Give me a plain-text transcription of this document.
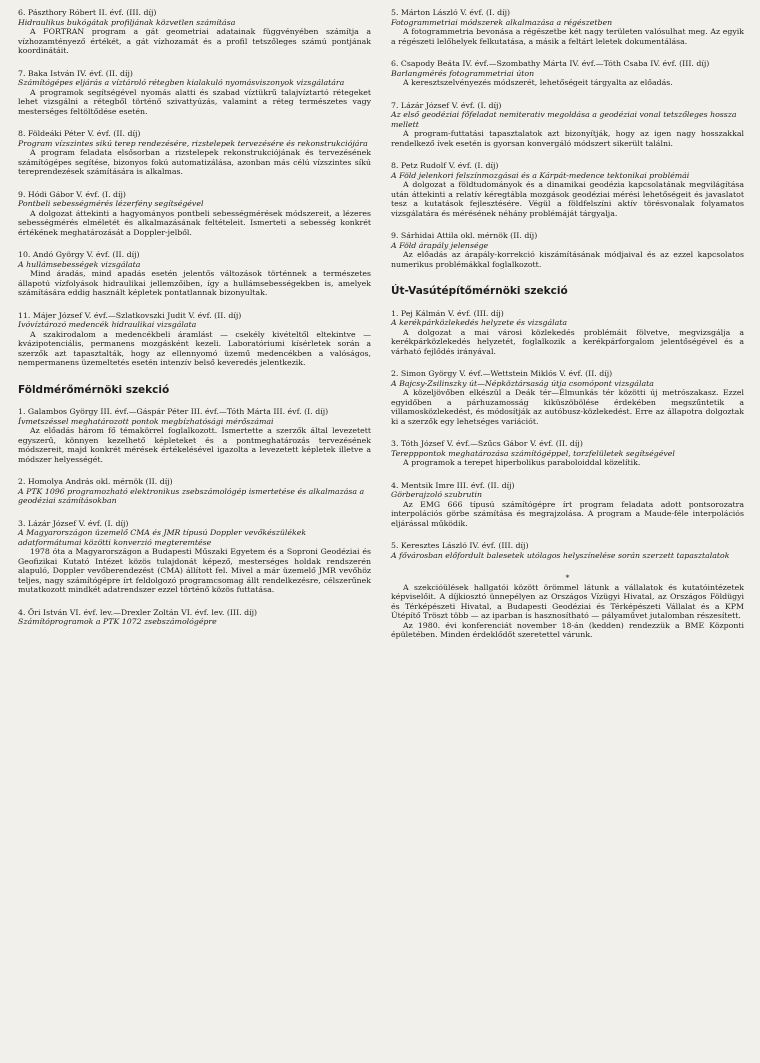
6. Pászthory Róbert II. évf. (III. díj)

Hidraulikus bukógátak profiljának közvetlen számítása

A FORTRAN program a gát geometriai adatainak függvényében számítja a vízhozamtényező értékét, a gát vízhozamát és a profil tetszőleges számú pontjának koordinátáit.

7. Baka István IV. évf. (II. díj)

Számítógépes eljárás a víztároló rétegben kialakuló nyomásviszonyok vizsgálatára

A programok segítségével nyomás alatti és szabad víztükrű talajvíztartó rétegeket lehet vizsgálni a rétegből történő szivattyúzás, valamint a réteg természetes vagy mesterséges feltöltődése esetén.

8. Földeáki Péter V. évf. (II. díj)

Program vízszintes sikú terep rendezésére, rizstelepek tervezésére és rekonstrukciójára

A program feladata elsősorban a rizstelepek rekonstrukciójának és tervezésének számítógépes segítése, bizonyos fokú automatizálása, azonban más célú vízszintes síkú tereprendezések számítására is alkalmas.

9. Hódi Gábor V. évf. (I. díj)

Pontbeli sebességmérés lézerfény segítségével

A dolgozat áttekinti a hagyományos pontbeli sebességmérések módszereit, a lézeres sebességmérés elméletét és alkalmazásának feltételeit. Ismerteti a sebesség konkrét értékének meghatározását a Doppler-jelből.

10. Andó György V. évf. (II. díj)

A hullámsebességek vizsgálata

Mind áradás, mind apadás esetén jelentős változások történnek a természetes állapotú vízfolyások hidraulikai jellemzőiben, így a hullámsebességekben is, amelyek számítására eddig használt képletek pontatlannak bizonyultak.

11. Májer József V. évf.—Szlatkovszki Judit V. évf. (II. díj)

Ivóvíztározó medencék hidraulikai vizsgálata

A szakirodalom a medencékbeli áramlást — csekély kivételtől eltekintve — kvázipotenciális, permanens mozgásként kezeli. Laboratóriumi kísérletek során a szerzők azt tapasztalták, hogy az ellennyomó üzemű medencékben a valóságos, nempermanens üzemeltetés esetén intenzív belső keveredés jelentkezik.

Földmérőmérnöki szekció

1. Galambos György III. évf.—Gáspár Péter III. évf.—Tóth Márta III. évf. (I. díj)

Ívmetszéssel meghatározott pontok megbízhatósági mérőszámai

Az előadás három fő témakörrel foglalkozott. Ismertette a szerzők által levezetett egyszerű, könnyen kezelhető képleteket és a pontmeghatározás tervezésének módszereit, majd konkrét mérések értékelésével igazolta a levezetett képletek illetve a módszer helyességét.

2. Homolya András okl. mérnök (II. díj)

A PTK 1096 programozható elektronikus zsebszámológép ismertetése és alkalmazása a geodéziai számításokban

3. Lázár József V. évf. (I. díj)

A Magyarországon üzemelő CMA és JMR típusú Doppler vevőkészülékek adatformátumai közötti konverzió megteremtése

1978 óta a Magyarországon a Budapesti Műszaki Egyetem és a Soproni Geodéziai és Geofizikai Kutató Intézet közös tulajdonát képező, mesterséges holdak rendszerén alapuló, Doppler vevőberendezést (CMA) állított fel. Mivel a már üzemelő JMR vevőhöz teljes, nagy számítógépre írt feldolgozó programcsomag állt rendelkezésre, célszerűnek mutatkozott mindkét adatrendszer ezzel történő közös futtatása.

4. Őri István VI. évf. lev.—Drexler Zoltán VI. évf. lev. (III. díj)

Számítóprogramok a PTK 1072 zsebszámológépre

5. Márton László V. évf. (I. díj)

Fotogrammetriai módszerek alkalmazása a régészetben

A fotogrammetria bevonása a régészetbe két nagy területen valósulhat meg. Az egyik a régészeti lelőhelyek felkutatása, a másik a feltárt leletek dokumentálása.

6. Csapody Beáta IV. évf.—Szombathy Márta IV. évf.—Tóth Csaba IV. évf. (III. díj)

Barlangmérés fotogrammetriai úton

A keresztszelvényezés módszerét, lehetőségeit tárgyalta az előadás.

7. Lázár József V. évf. (I. díj)

Az első geodéziai főfeladat nemiterativ megoldása a geodéziai vonal tetszőleges hossza mellett

A program-futtatási tapasztalatok azt bizonyítják, hogy az igen nagy hosszakkal rendelkező ívek esetén is gyorsan konvergáló módszert sikerült találni.

8. Petz Rudolf V. évf. (I. díj)

A Föld jelenkori felszínmozgásai és a Kárpát-medence tektonikai problémái

A dolgozat a földtudományok és a dinamikai geodézia kapcsolatának megvilágítása után áttekinti a relatív kéregtábla mozgások geodéziai mérési lehetőségeit és javaslatot tesz a kutatások fejlesztésére. Végül a földfelszíni aktív törésvonalak folyamatos vizsgálatára és mérésének néhány problémáját tárgyalja.

9. Sárhidai Attila okl. mérnök (II. díj)

A Föld árapály jelensége

Az előadás az árapály-korrekció kiszámításának módjaival és az ezzel kapcsolatos numerikus problémákkal foglalkozott.

Út-Vasútépítőmérnöki szekció

1. Pej Kálmán V. évf. (III. díj)

A kerékpárközlekedés helyzete és vizsgálata

A dolgozat a mai városi közlekedés problémáit fölvetve, megvizsgálja a kerékpárközlekedés helyzetét, foglalkozik a kerékpárforgalom jelentőségével és a várható fejlődés irányával.

2. Simon György V. évf.—Wettstein Miklós V. évf. (II. díj)

A Bajcsy-Zsilinszky út—Népköztársaság útja csomópont vizsgálata

A közeljövőben elkészül a Deák tér—Élmunkás tér közötti új metrószakasz. Ezzel egyidőben a párhuzamosság kiküszöbölése érdekében megszűntetik a villamosközlekedést, és módosítják az autóbusz-közlekedést. Erre az állapotra dolgoztak ki a szerzők egy lehetséges variációt.

3. Tóth József V. évf.—Szűcs Gábor V. évf. (II. díj)

Terepppontok meghatározása számítógéppel, torzfelületek segítségével

A programok a terepet hiperbolikus paraboloiddal közelítik.

4. Mentsik Imre III. évf. (II. díj)

Görberajzoló szubrutin

Az EMG 666 típusú számítógépre írt program feladata adott pontsorozatra interpolációs görbe számítása és megrajzolása. A program a Maude-féle interpolációs eljárással működik.

5. Keresztes László IV. évf. (III. díj)

A fővárosban előfordult balesetek utólagos helyszínelése során szerzett tapasztalatok

*

A szekcióülések hallgatói között örömmel látunk a vállalatok és kutatóintézetek képviselőit. A díjkiosztó ünnepélyen az Országos Vízügyi Hivatal, az Országos Földügyi és Térképészeti Hivatal, a Budapesti Geodéziai és Térképészeti Vállalat és a KPM Útépítő Tröszt több — az iparban is hasznosítható — pályaművet jutalomban részesített.

Az 1980. évi konferenciát november 18-án (kedden) rendezzük a BME Központi épületében. Minden érdeklődőt szeretettel várunk.
